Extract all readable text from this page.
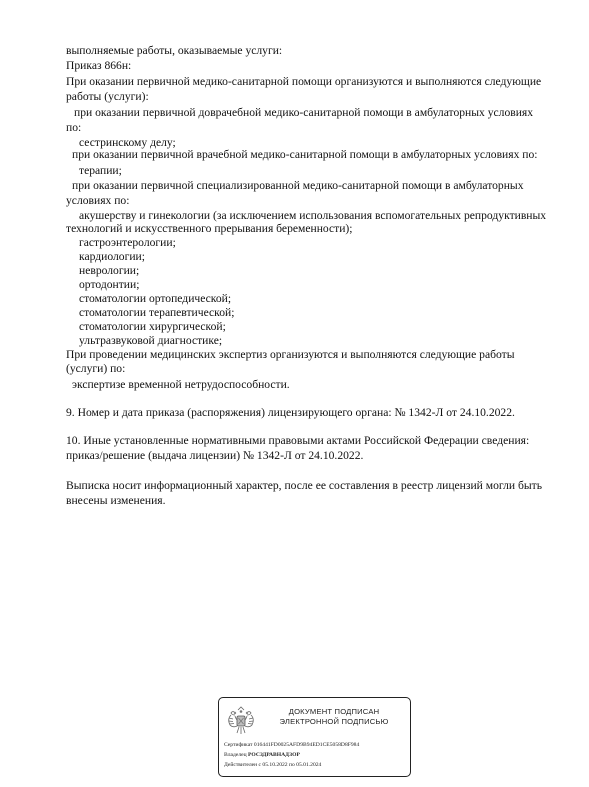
выполняемые работы, оказываемые услуги:
Приказ 866н:
При оказании первичной медико-санитарной помощи организуются и выполняются следующие
работы (услуги):
при оказании первичной доврачебной медико-санитарной помощи в амбулаторных условиях
по:
сестринскому делу;
при оказании первичной врачебной медико-санитарной помощи в амбулаторных условиях по:
терапии;
при оказании первичной специализированной медико-санитарной помощи в амбулаторных
условиях по:
акушерству и гинекологии (за исключением использования вспомогательных репродуктивных
технологий и искусственного прерывания беременности);
гастроэнтерологии;
кардиологии;
неврологии;
ортодонтии;
стоматологии ортопедической;
стоматологии терапевтической;
стоматологии хирургической;
ультразвуковой диагностике;
При проведении медицинских экспертиз организуются и выполняются следующие работы
(услуги) по:
экспертизе временной нетрудоспособности.
9. Номер и дата приказа (распоряжения) лицензирующего органа: № 1342-Л от 24.10.2022.
10. Иные установленные нормативными правовыми актами Российской Федерации сведения:
приказ/решение (выдача лицензии) № 1342-Л от 24.10.2022.
Выписка носит информационный характер, после ее составления в реестр лицензий могли быть
внесены изменения.
ДОКУМЕНТ ПОДПИСАН
ЭЛЕКТРОННОЙ ПОДПИСЬЮ
Сертификат 016441FD0025AFD9B94ED1CE5058D8F984
Владелец РОСЗДРАВНАДЗОР
Действителен с 05.10.2022 по 05.01.2024
